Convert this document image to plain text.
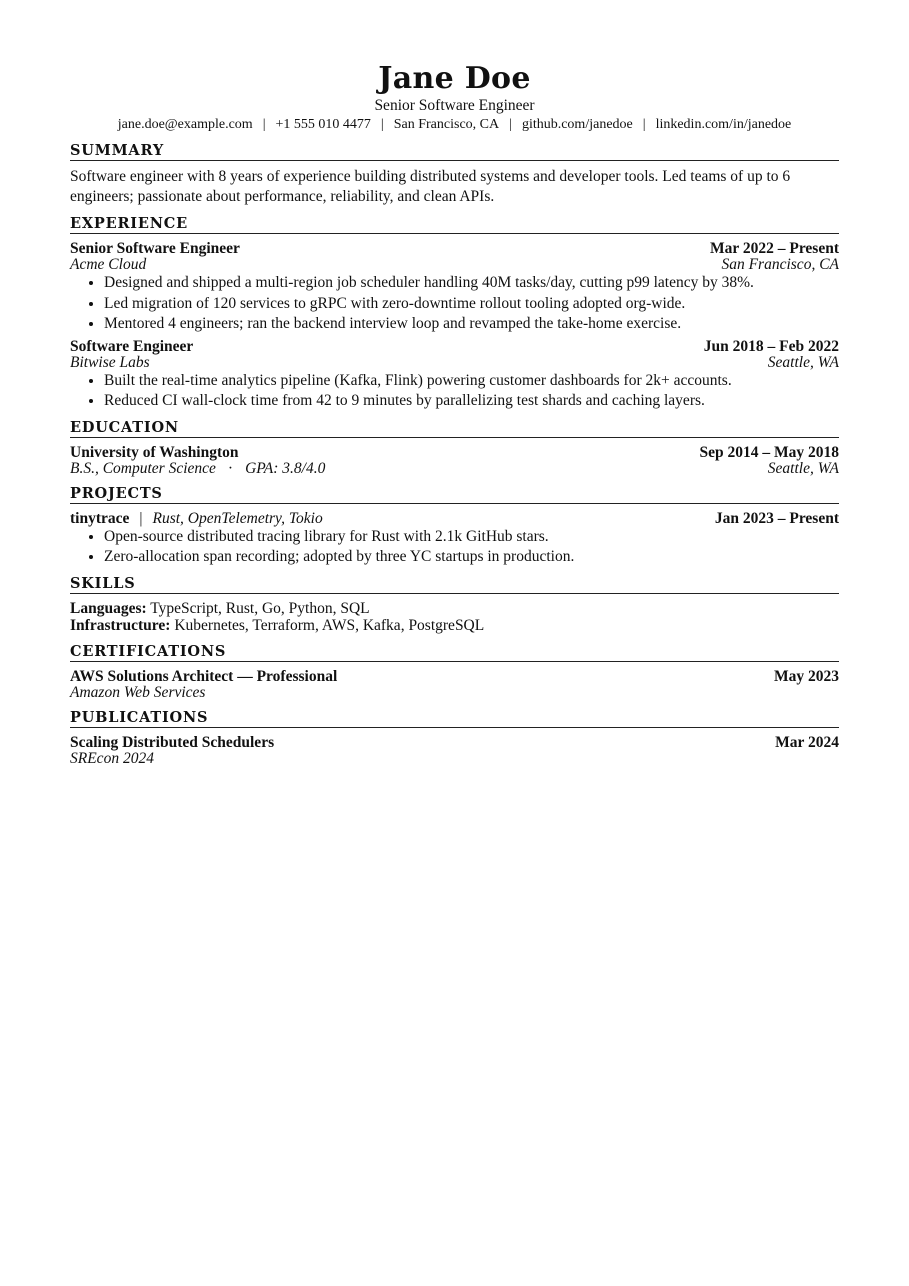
Jane Doe
Senior Software Engineer
jane.doe@example.com | +1 555 010 4477 | San Francisco, CA | github.com/janedoe | linkedin.com/in/janedoe
SUMMARY

Software engineer with 8 years of experience building distributed systems and developer tools. Led teams of up to 6 engineers; passionate about performance, reliability, and clean APIs.

EXPERIENCE
Senior Software Engineer	Mar 2022 – Present
Acme Cloud	San Francisco, CA
• Designed and shipped a multi-region job scheduler handling 40M tasks/day, cutting p99 latency by 38%.
• Led migration of 120 services to gRPC with zero-downtime rollout tooling adopted org-wide.
• Mentored 4 engineers; ran the backend interview loop and revamped the take-home exercise.
Software Engineer	Jun 2018 – Feb 2022
Bitwise Labs	Seattle, WA
• Built the real-time analytics pipeline (Kafka, Flink) powering customer dashboards for 2k+ accounts.
• Reduced CI wall-clock time from 42 to 9 minutes by parallelizing test shards and caching layers.
EDUCATION
University of Washington	Sep 2014 – May 2018
B.S., Computer Science · GPA: 3.8/4.0	Seattle, WA
PROJECTS
tinytrace | Rust, OpenTelemetry, Tokio	Jan 2023 – Present
• Open-source distributed tracing library for Rust with 2.1k GitHub stars.
• Zero-allocation span recording; adopted by three YC startups in production.
SKILLS
Languages: TypeScript, Rust, Go, Python, SQL
Infrastructure: Kubernetes, Terraform, AWS, Kafka, PostgreSQL
CERTIFICATIONS
AWS Solutions Architect — Professional	May 2023
Amazon Web Services
PUBLICATIONS
Scaling Distributed Schedulers	Mar 2024
SREcon 2024
